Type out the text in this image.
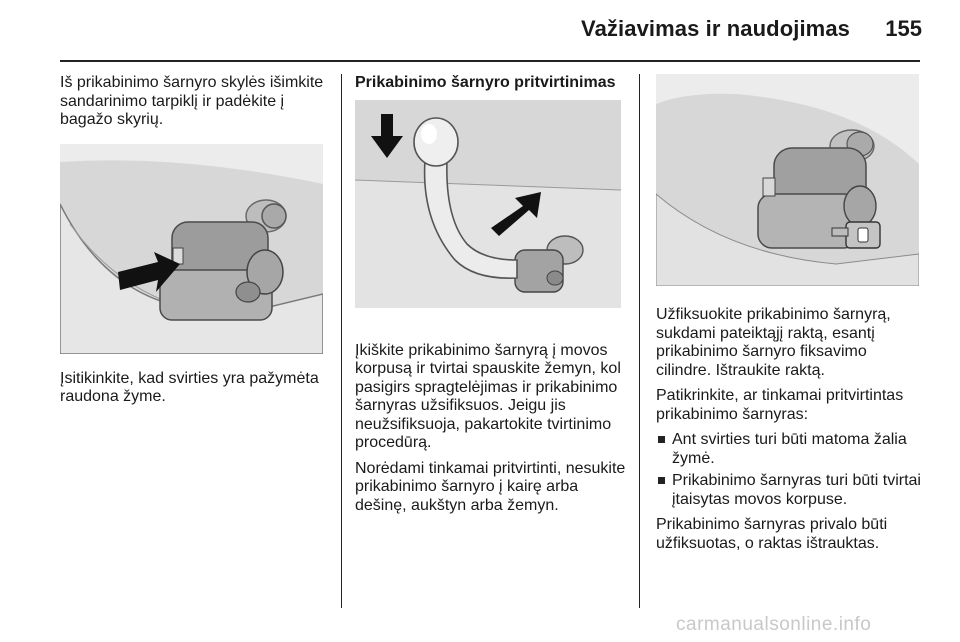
Važiavimas ir naudojimas	155

Iš prikabinimo šarnyro skylės išimkite sandarinimo tarpiklį ir padėkite į bagažo skyrių.

Įsitikinkite, kad svirties yra pažymėta raudona žyme.

Prikabinimo šarnyro pritvirtinimas

Įkiškite prikabinimo šarnyrą į movos korpusą ir tvirtai spauskite žemyn, kol pasigirs spragtelėjimas ir prikabinimo šarnyras užsifiksuos. Jeigu jis neužsifiksuoja, pakartokite tvirtinimo procedūrą.

Norėdami tinkamai pritvirtinti, nesukite prikabinimo šarnyro į kairę arba dešinę, aukštyn arba žemyn.

Užfiksuokite prikabinimo šarnyrą, sukdami pateiktąjį raktą, esantį prikabinimo šarnyro fiksavimo cilindre. Ištraukite raktą.

Patikrinkite, ar tinkamai pritvirtintas prikabinimo šarnyras:

Ant svirties turi būti matoma žalia žymė.
Prikabinimo šarnyras turi būti tvirtai įtaisytas movos korpuse.

Prikabinimo šarnyras privalo būti užfiksuotas, o raktas ištrauktas.

carmanualsonline.info
